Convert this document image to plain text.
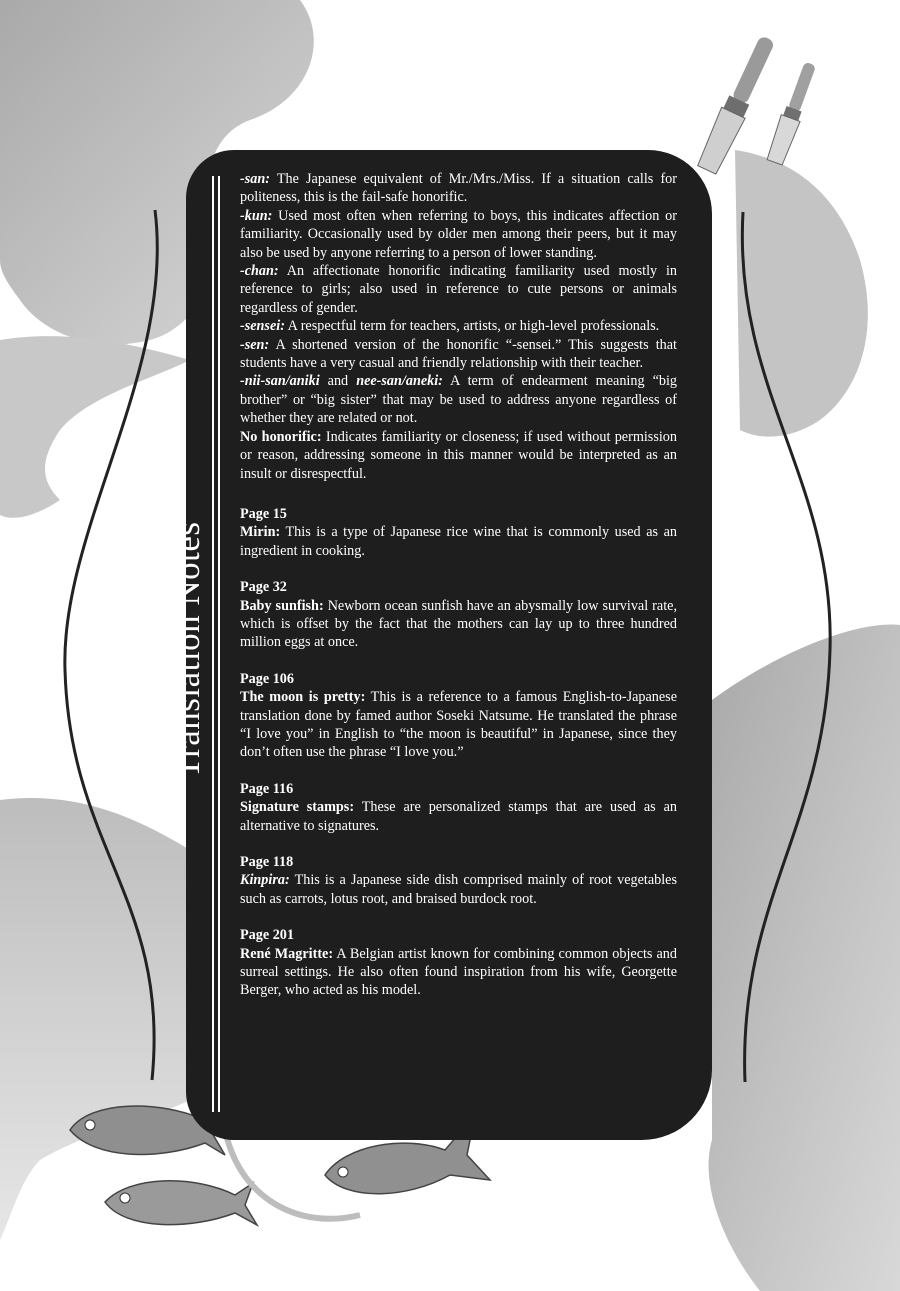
Translation Notes

-san: The Japanese equivalent of Mr./Mrs./Miss. If a situation calls for politeness, this is the fail-safe honorific.

-kun: Used most often when referring to boys, this indicates affection or familiarity. Occasionally used by older men among their peers, but it may also be used by anyone referring to a person of lower standing.

-chan: An affectionate honorific indicating familiarity used mostly in reference to girls; also used in reference to cute persons or animals regardless of gender.

-sensei: A respectful term for teachers, artists, or high-level professionals.

-sen: A shortened version of the honorific “-sensei.” This suggests that students have a very casual and friendly relationship with their teacher.

-nii-san/aniki and nee-san/aneki: A term of endearment meaning “big brother” or “big sister” that may be used to address anyone regardless of whether they are related or not.

No honorific: Indicates familiarity or closeness; if used without permission or reason, addressing someone in this manner would be interpreted as an insult or disrespectful.

Page 15

Mirin: This is a type of Japanese rice wine that is commonly used as an ingredient in cooking.

Page 32

Baby sunfish: Newborn ocean sunfish have an abysmally low survival rate, which is offset by the fact that the mothers can lay up to three hundred million eggs at once.

Page 106

The moon is pretty: This is a reference to a famous English-to-Japanese translation done by famed author Soseki Natsume. He translated the phrase “I love you” in English to “the moon is beautiful” in Japanese, since they don’t often use the phrase “I love you.”

Page 116

Signature stamps: These are personalized stamps that are used as an alternative to signatures.

Page 118

Kinpira: This is a Japanese side dish comprised mainly of root vegetables such as carrots, lotus root, and braised burdock root.

Page 201

René Magritte: A Belgian artist known for combining common objects and surreal settings. He also often found inspiration from his wife, Georgette Berger, who acted as his model.
